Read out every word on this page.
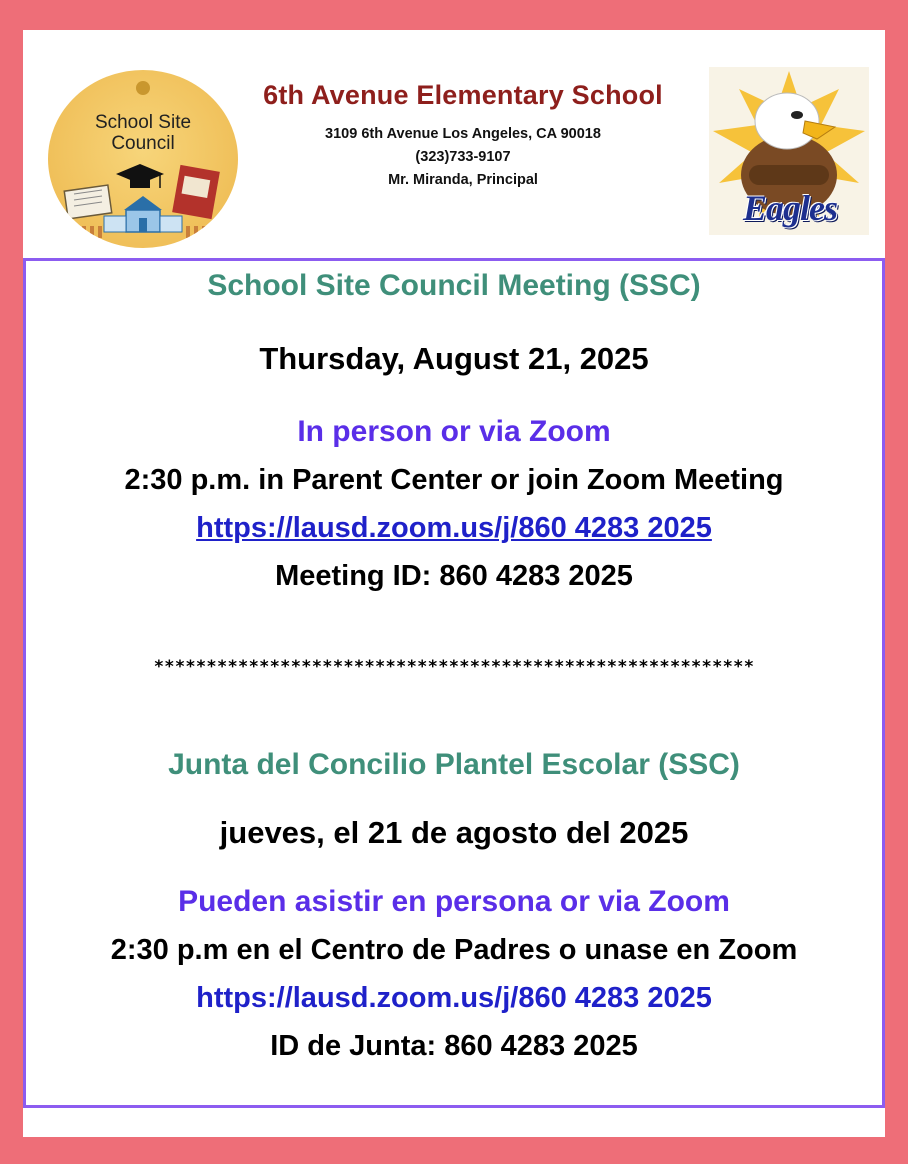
School Site
Council
6th Avenue Elementary School
3109 6th Avenue Los Angeles, CA 90018
(323)733-9107
Mr. Miranda, Principal
Eagles
School Site Council Meeting (SSC)
Thursday, August 21, 2025
In person or via Zoom
2:30 p.m. in Parent Center or join Zoom Meeting
https://lausd.zoom.us/j/860 4283 2025
Meeting ID: 860 4283 2025
*********************************************************
Junta del Concilio Plantel Escolar (SSC)
jueves, el 21 de agosto del 2025
Pueden asistir en persona or via Zoom
2:30 p.m en el Centro de Padres o unase en Zoom
https://lausd.zoom.us/j/860 4283 2025
ID de Junta: 860 4283 2025
